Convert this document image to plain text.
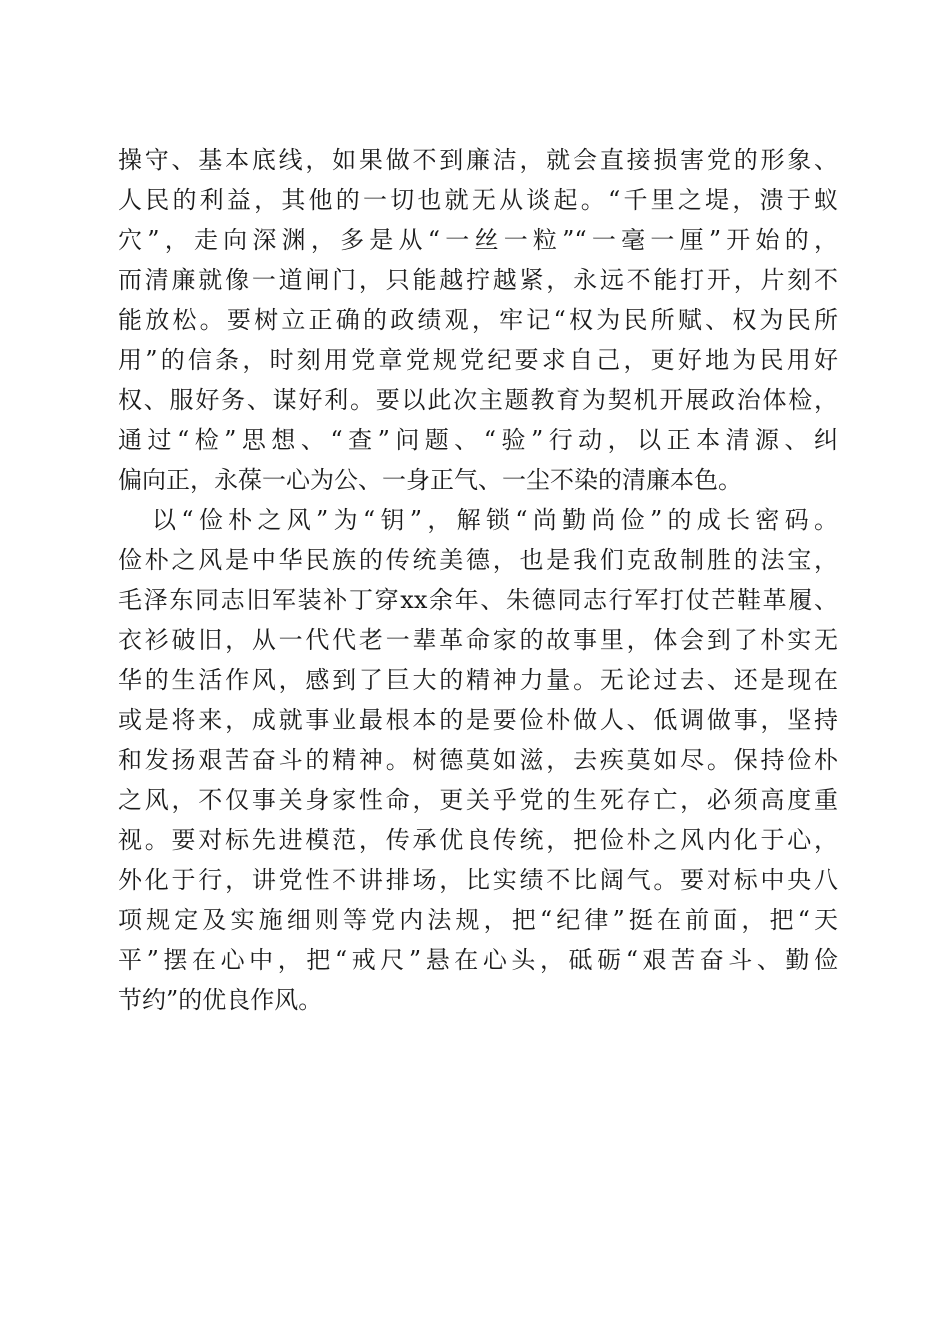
操守、基本底线，如果做不到廉洁，就会直接损害党的形象、
人民的利益，其他的一切也就无从谈起。“千里之堤，溃于蚁
穴”，走向深渊，多是从“一丝一粒”“一毫一厘”开始的，
而清廉就像一道闸门，只能越拧越紧，永远不能打开，片刻不
能放松。要树立正确的政绩观，牢记“权为民所赋、权为民所
用”的信条，时刻用党章党规党纪要求自己，更好地为民用好
权、服好务、谋好利。要以此次主题教育为契机开展政治体检，
通过“检”思想、“查”问题、“验”行动，以正本清源、纠
偏向正，永葆一心为公、一身正气、一尘不染的清廉本色。
以“俭朴之风”为“钥”，解锁“尚勤尚俭”的成长密码。
俭朴之风是中华民族的传统美德，也是我们克敌制胜的法宝，
毛泽东同志旧军装补丁穿xx余年、朱德同志行军打仗芒鞋革履、
衣衫破旧，从一代代老一辈革命家的故事里，体会到了朴实无
华的生活作风，感到了巨大的精神力量。无论过去、还是现在
或是将来，成就事业最根本的是要俭朴做人、低调做事，坚持
和发扬艰苦奋斗的精神。树德莫如滋，去疾莫如尽。保持俭朴
之风，不仅事关身家性命，更关乎党的生死存亡，必须高度重
视。要对标先进模范，传承优良传统，把俭朴之风内化于心，
外化于行，讲党性不讲排场，比实绩不比阔气。要对标中央八
项规定及实施细则等党内法规，把“纪律”挺在前面，把“天
平”摆在心中，把“戒尺”悬在心头，砥砺“艰苦奋斗、勤俭
节约”的优良作风。
